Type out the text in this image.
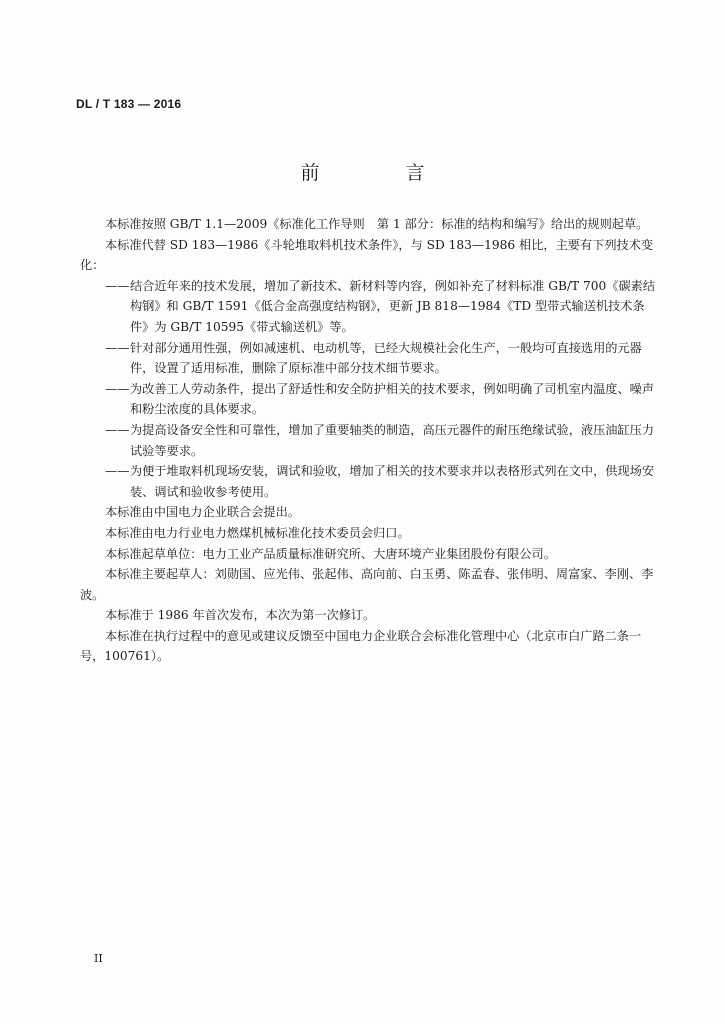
DL / T 183 — 2016
前 言

本标准按照 GB/T 1.1—2009《标准化工作导则　第 1 部分：标准的结构和编写》给出的规则起草。

本标准代替 SD 183—1986《斗轮堆取料机技术条件》，与 SD 183—1986 相比，主要有下列技术变化：

——结合近年来的技术发展，增加了新技术、新材料等内容，例如补充了材料标准 GB/T 700《碳素结构钢》和 GB/T 1591《低合金高强度结构钢》，更新 JB 818—1984《TD 型带式输送机技术条件》为 GB/T 10595《带式输送机》等。

——针对部分通用性强，例如减速机、电动机等，已经大规模社会化生产，一般均可直接选用的元器件，设置了适用标准，删除了原标准中部分技术细节要求。

——为改善工人劳动条件，提出了舒适性和安全防护相关的技术要求，例如明确了司机室内温度、噪声和粉尘浓度的具体要求。

——为提高设备安全性和可靠性，增加了重要轴类的制造，高压元器件的耐压绝缘试验，液压油缸压力试验等要求。

——为便于堆取料机现场安装，调试和验收，增加了相关的技术要求并以表格形式列在文中，供现场安装、调试和验收参考使用。

本标准由中国电力企业联合会提出。

本标准由电力行业电力燃煤机械标准化技术委员会归口。

本标准起草单位：电力工业产品质量标准研究所、大唐环境产业集团股份有限公司。

本标准主要起草人：刘勋国、应光伟、张起伟、高向前、白玉勇、陈孟春、张伟明、周富家、李刚、李波。

本标准于 1986 年首次发布，本次为第一次修订。

本标准在执行过程中的意见或建议反馈至中国电力企业联合会标准化管理中心（北京市白广路二条一号，100761）。

II
